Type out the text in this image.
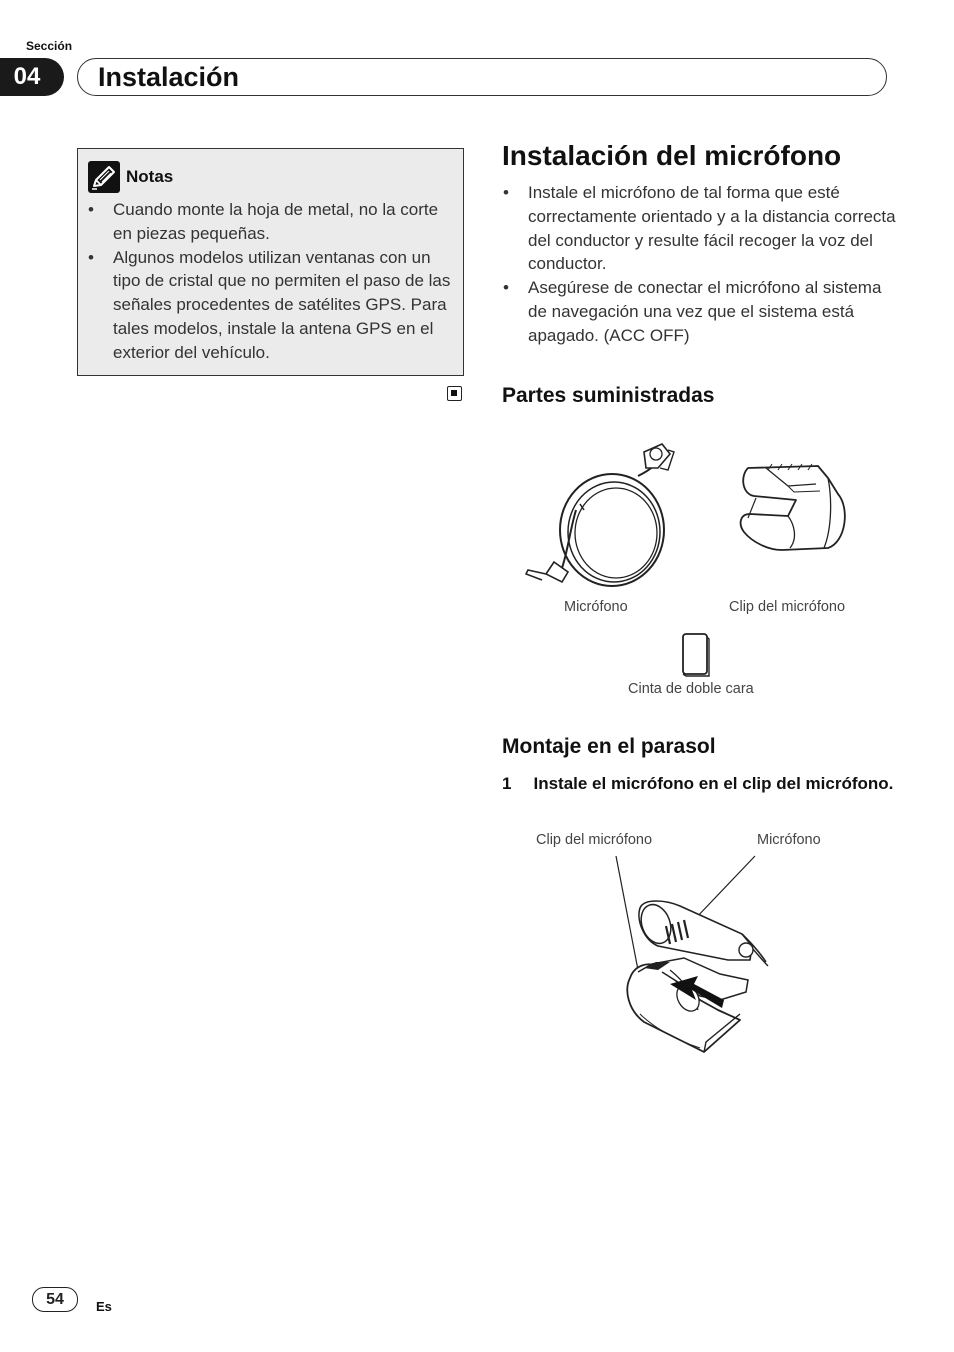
Sección
04	Instalación
Notas
• Cuando monte la hoja de metal, no la corte en piezas pequeñas.
• Algunos modelos utilizan ventanas con un tipo de cristal que no permiten el paso de las señales procedentes de satélites GPS. Para tales modelos, instale la antena GPS en el exterior del vehículo.
Instalación del micrófono
• Instale el micrófono de tal forma que esté correctamente orientado y a la distancia correcta del conductor y resulte fácil recoger la voz del conductor.
• Asegúrese de conectar el micrófono al sistema de navegación una vez que el sistema está apagado. (ACC OFF)
Partes suministradas
Micrófono	Clip del micrófono
Cinta de doble cara
Montaje en el parasol
1 Instale el micrófono en el clip del micrófono.
Clip del micrófono	Micrófono
54	Es
